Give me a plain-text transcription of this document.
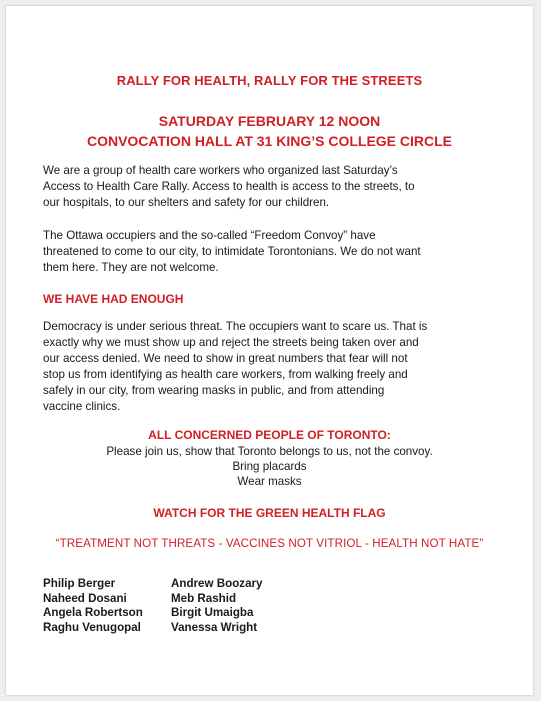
RALLY FOR HEALTH, RALLY FOR THE STREETS
SATURDAY FEBRUARY 12 NOON
CONVOCATION HALL AT 31 KING’S COLLEGE CIRCLE
We are a group of health care workers who organized last Saturday’s
Access to Health Care Rally. Access to health is access to the streets, to
our hospitals, to our shelters and safety for our children.
The Ottawa occupiers and the so-called “Freedom Convoy” have
threatened to come to our city, to intimidate Torontonians. We do not want
them here. They are not welcome.
WE HAVE HAD ENOUGH
Democracy is under serious threat. The occupiers want to scare us. That is
exactly why we must show up and reject the streets being taken over and
our access denied. We need to show in great numbers that fear will not
stop us from identifying as health care workers, from walking freely and
safely in our city, from wearing masks in public, and from attending
vaccine clinics.
ALL CONCERNED PEOPLE OF TORONTO:
Please join us, show that Toronto belongs to us, not the convoy.
Bring placards
Wear masks
WATCH FOR THE GREEN HEALTH FLAG
“TREATMENT NOT THREATS - VACCINES NOT VITRIOL - HEALTH NOT HATE”
Philip Berger
Naheed Dosani
Angela Robertson
Raghu Venugopal
Andrew Boozary
Meb Rashid
Birgit Umaigba
Vanessa Wright
